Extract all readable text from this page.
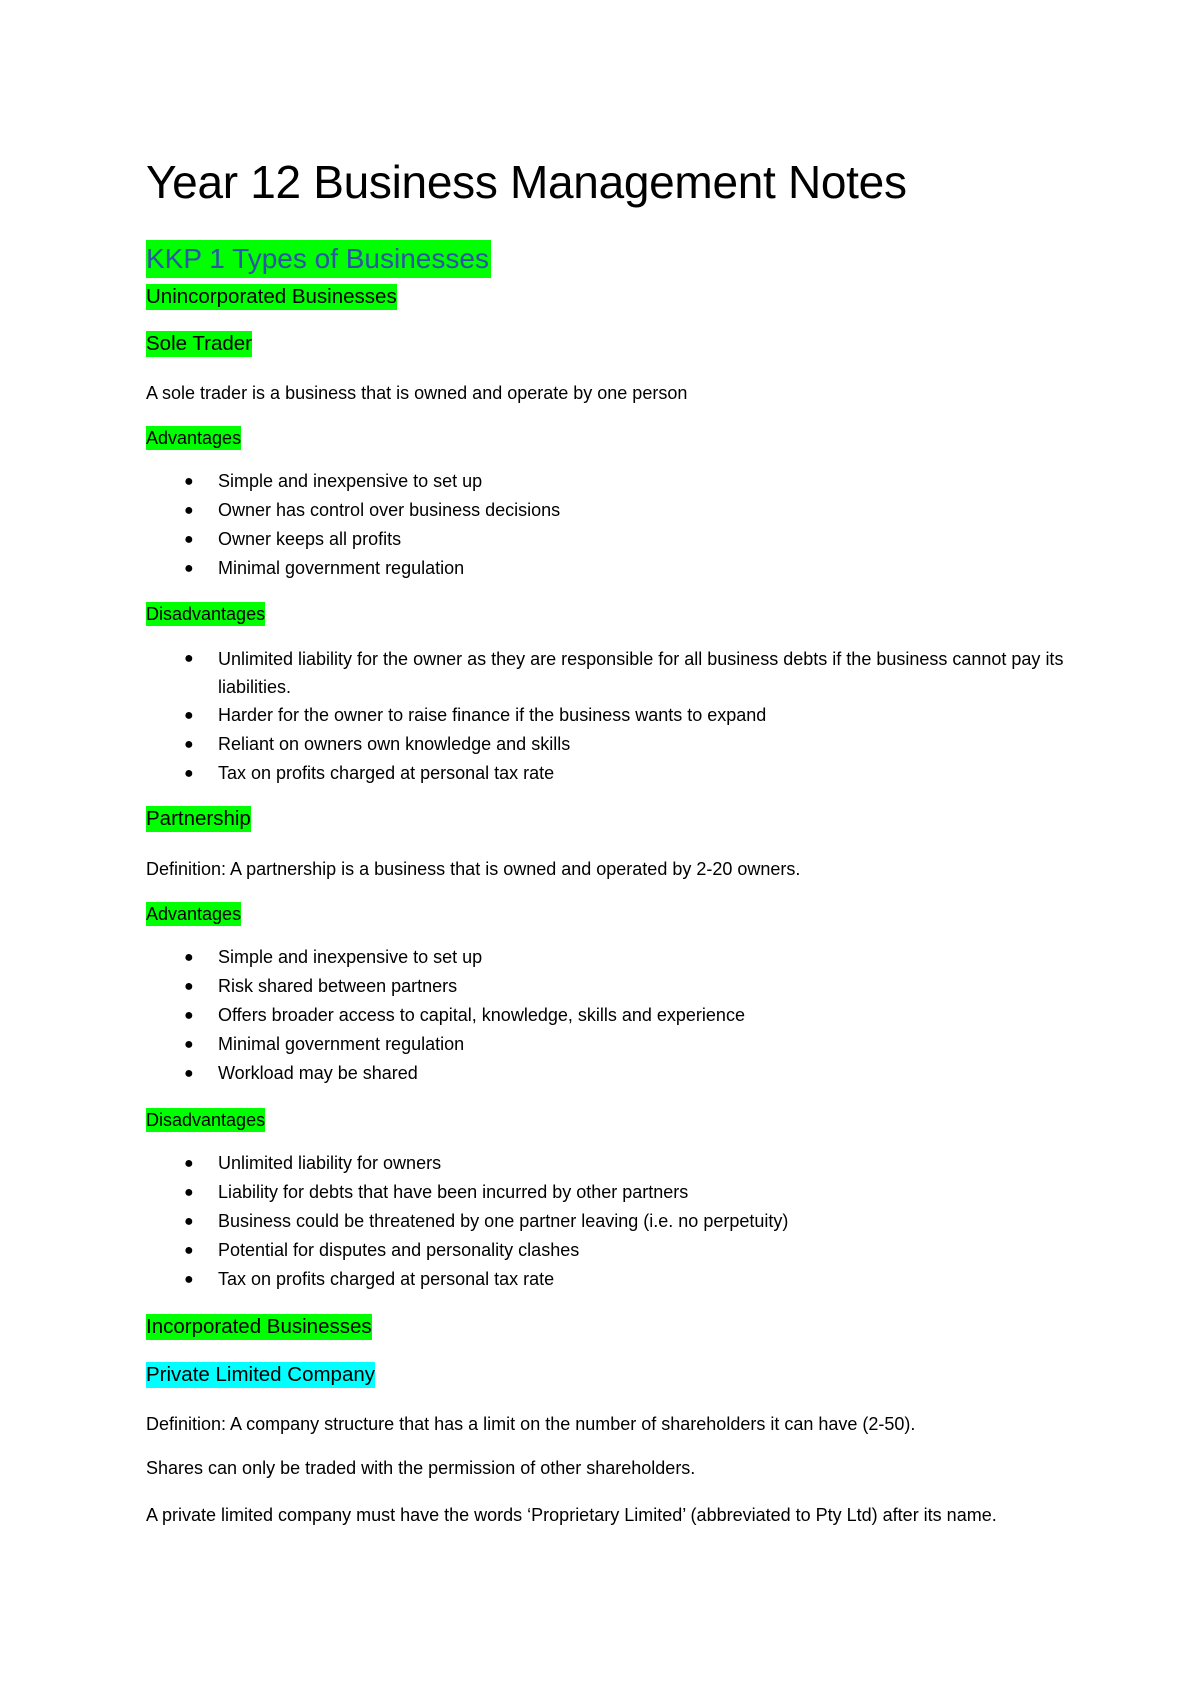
Year 12 Business Management Notes
KKP 1 Types of Businesses
Unincorporated Businesses
Sole Trader
A sole trader is a business that is owned and operate by one person
Advantages
● Simple and inexpensive to set up
● Owner has control over business decisions
● Owner keeps all profits
● Minimal government regulation
Disadvantages
● Unlimited liability for the owner as they are responsible for all business debts if the business cannot pay its liabilities.
● Harder for the owner to raise finance if the business wants to expand
● Reliant on owners own knowledge and skills
● Tax on profits charged at personal tax rate
Partnership
Definition: A partnership is a business that is owned and operated by 2-20 owners.
Advantages
● Simple and inexpensive to set up
● Risk shared between partners
● Offers broader access to capital, knowledge, skills and experience
● Minimal government regulation
● Workload may be shared
Disadvantages
● Unlimited liability for owners
● Liability for debts that have been incurred by other partners
● Business could be threatened by one partner leaving (i.e. no perpetuity)
● Potential for disputes and personality clashes
● Tax on profits charged at personal tax rate
Incorporated Businesses
Private Limited Company
Definition: A company structure that has a limit on the number of shareholders it can have (2-50).
Shares can only be traded with the permission of other shareholders.
A private limited company must have the words ‘Proprietary Limited’ (abbreviated to Pty Ltd) after its name.
